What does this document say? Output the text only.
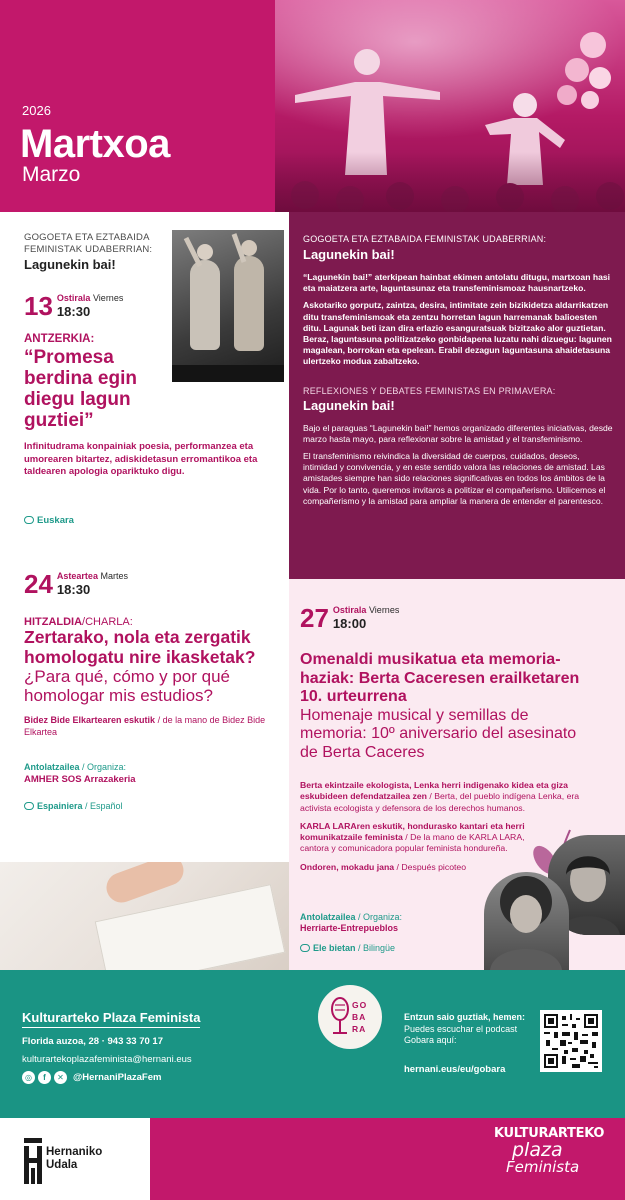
2026
Martxoa
Marzo
GOGOETA ETA EZTABAIDA FEMINISTAK UDABERRIAN:
Lagunekin bai!
13 Ostirala Viernes
18:30
ANTZERKIA:
“Promesa berdina egin diegu lagun guztiei”
Infinitudrama konpainiak poesia, performanzea eta umorearen bitartez, adiskidetasun erromantikoa eta taldearen apologia opariktuko digu.
Euskara
GOGOETA ETA EZTABAIDA FEMINISTAK UDABERRIAN:
Lagunekin bai!
“Lagunekin bai!” aterkipean hainbat ekimen antolatu ditugu, martxoan hasi eta maiatzera arte, laguntasunaz eta transfeminismoaz hausnartzeko.
Askotariko gorputz, zaintza, desira, intimitate zein bizikidetza aldarrikatzen ditu transfeminismoak eta zentzu horretan lagun harremanak balioesten ditu. Lagunak beti izan dira erlazio esanguratsuak bizitzako alor guztietan. Beraz, laguntasuna politizatzeko gonbidapena luzatu nahi dizuegu: lagunen magalean, borrokan eta epelean. Erabil dezagun laguntasuna ahaidetasuna ulertzeko modua zabaltzeko.
REFLEXIONES Y DEBATES FEMINISTAS EN PRIMAVERA:
Lagunekin bai!
Bajo el paraguas “Lagunekin bai!” hemos organizado diferentes iniciativas, desde marzo hasta mayo, para reflexionar sobre la amistad y el transfeminismo.
El transfeminismo reivindica la diversidad de cuerpos, cuidados, deseos, intimidad y convivencia, y en este sentido valora las relaciones de amistad. Las amistades siempre han sido relaciones significativas en todos los ámbitos de la vida. Por lo tanto, queremos invitaros a politizar el compañerismo. Utilicemos el compañerismo y la amistad para ampliar la manera de entender el parentesco.
24 Asteartea Martes
18:30
HITZALDIA/CHARLA:
Zertarako, nola eta zergatik homologatu nire ikasketak?
¿Para qué, cómo y por qué homologar mis estudios?
Bidez Bide Elkartearen eskutik / de la mano de Bidez Bide Elkartea
Antolatzailea / Organiza:
AMHER SOS Arrazakeria
Espainiera / Español
27 Ostirala Viernes
18:00
Omenaldi musikatua eta memoria-haziak: Berta Caceresen erailketaren 10. urteurrena
Homenaje musical y semillas de memoria: 10º aniversario del asesinato de Berta Caceres
Berta ekintzaile ekologista, Lenka herri indigenako kidea eta giza eskubideen defendatzailea zen / Berta, del pueblo indígena Lenka, era activista ecologista y defensora de los derechos humanos.
KARLA LARAren eskutik, hondurasko kantari eta herri komunikatzaile feminista / De la mano de KARLA LARA, cantora y comunicadora popular feminista hondureña.
Ondoren, mokadu jana / Después picoteo
Antolatzailea / Organiza:
Herriarte-Entrepueblos
Ele bietan / Bilingüe
Kulturarteko Plaza Feminista
Florida auzoa, 28 · 943 33 70 17
kulturartekoplazafeminista@hernani.eus
◎	f	✕ @HernaniPlazaFem
GO BA RA
Entzun saio guztiak, hemen:
Puedes escuchar el podcast Gobara aquí:
hernani.eus/eu/gobara
Hernaniko
Udala
KULTURARTEKO
plaza
Feminista
